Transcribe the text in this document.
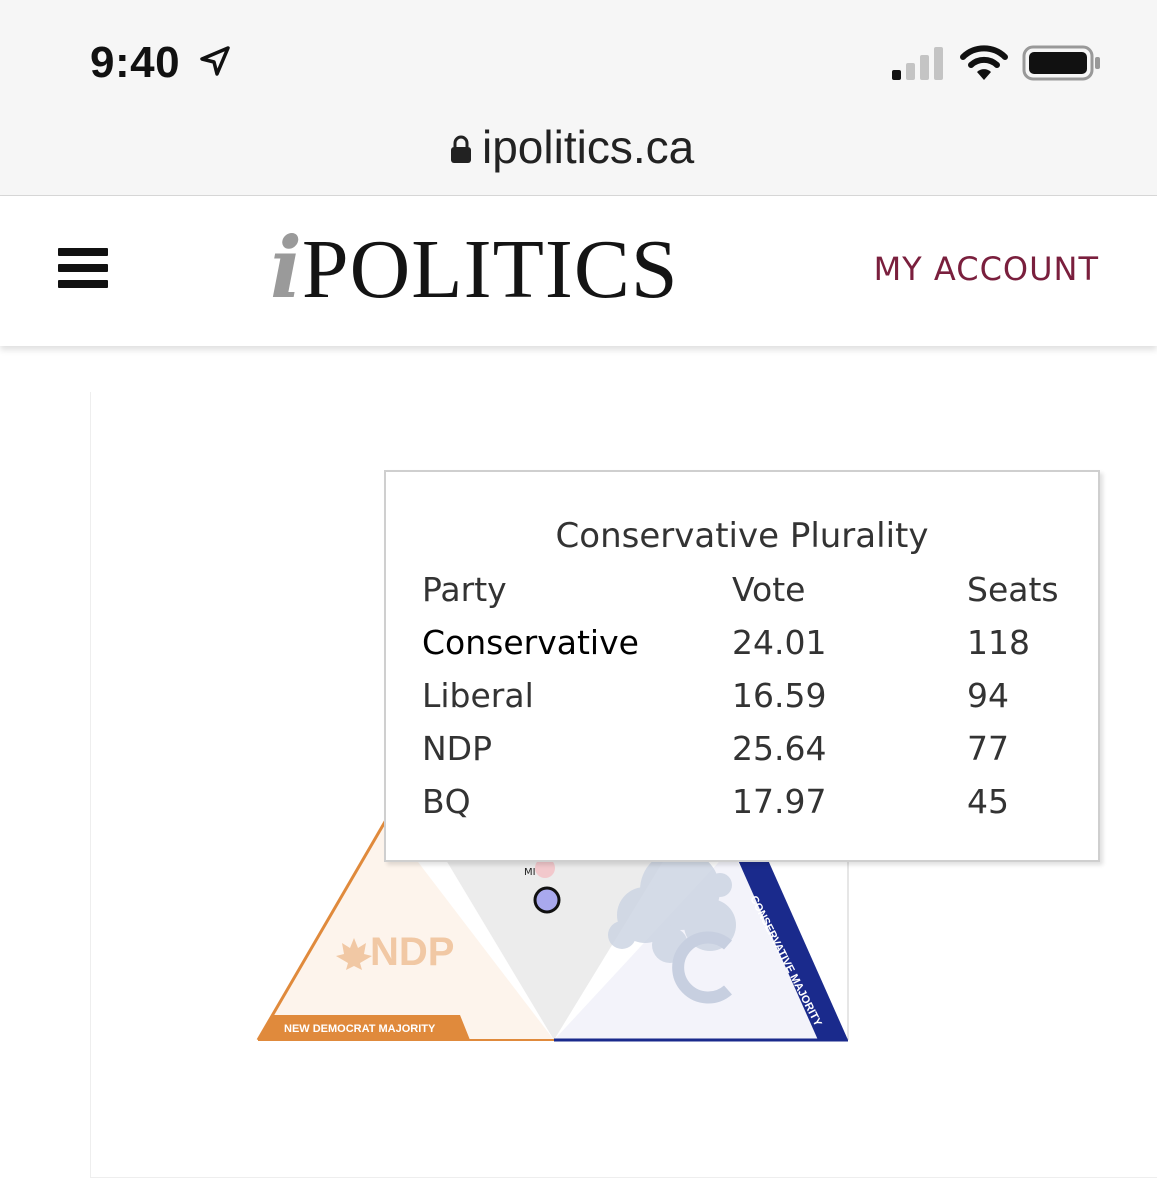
9:40
ipolitics.ca
iPOLITICS	MY ACCOUNT
NDP
NEW DEMOCRAT MAJORITY
CONSERVATIVE MAJORITY
MI
Conservative Plurality
Party	Vote	Seats
Conservative	24.01	118
Liberal	16.59	94
NDP	25.64	77
BQ	17.97	45
